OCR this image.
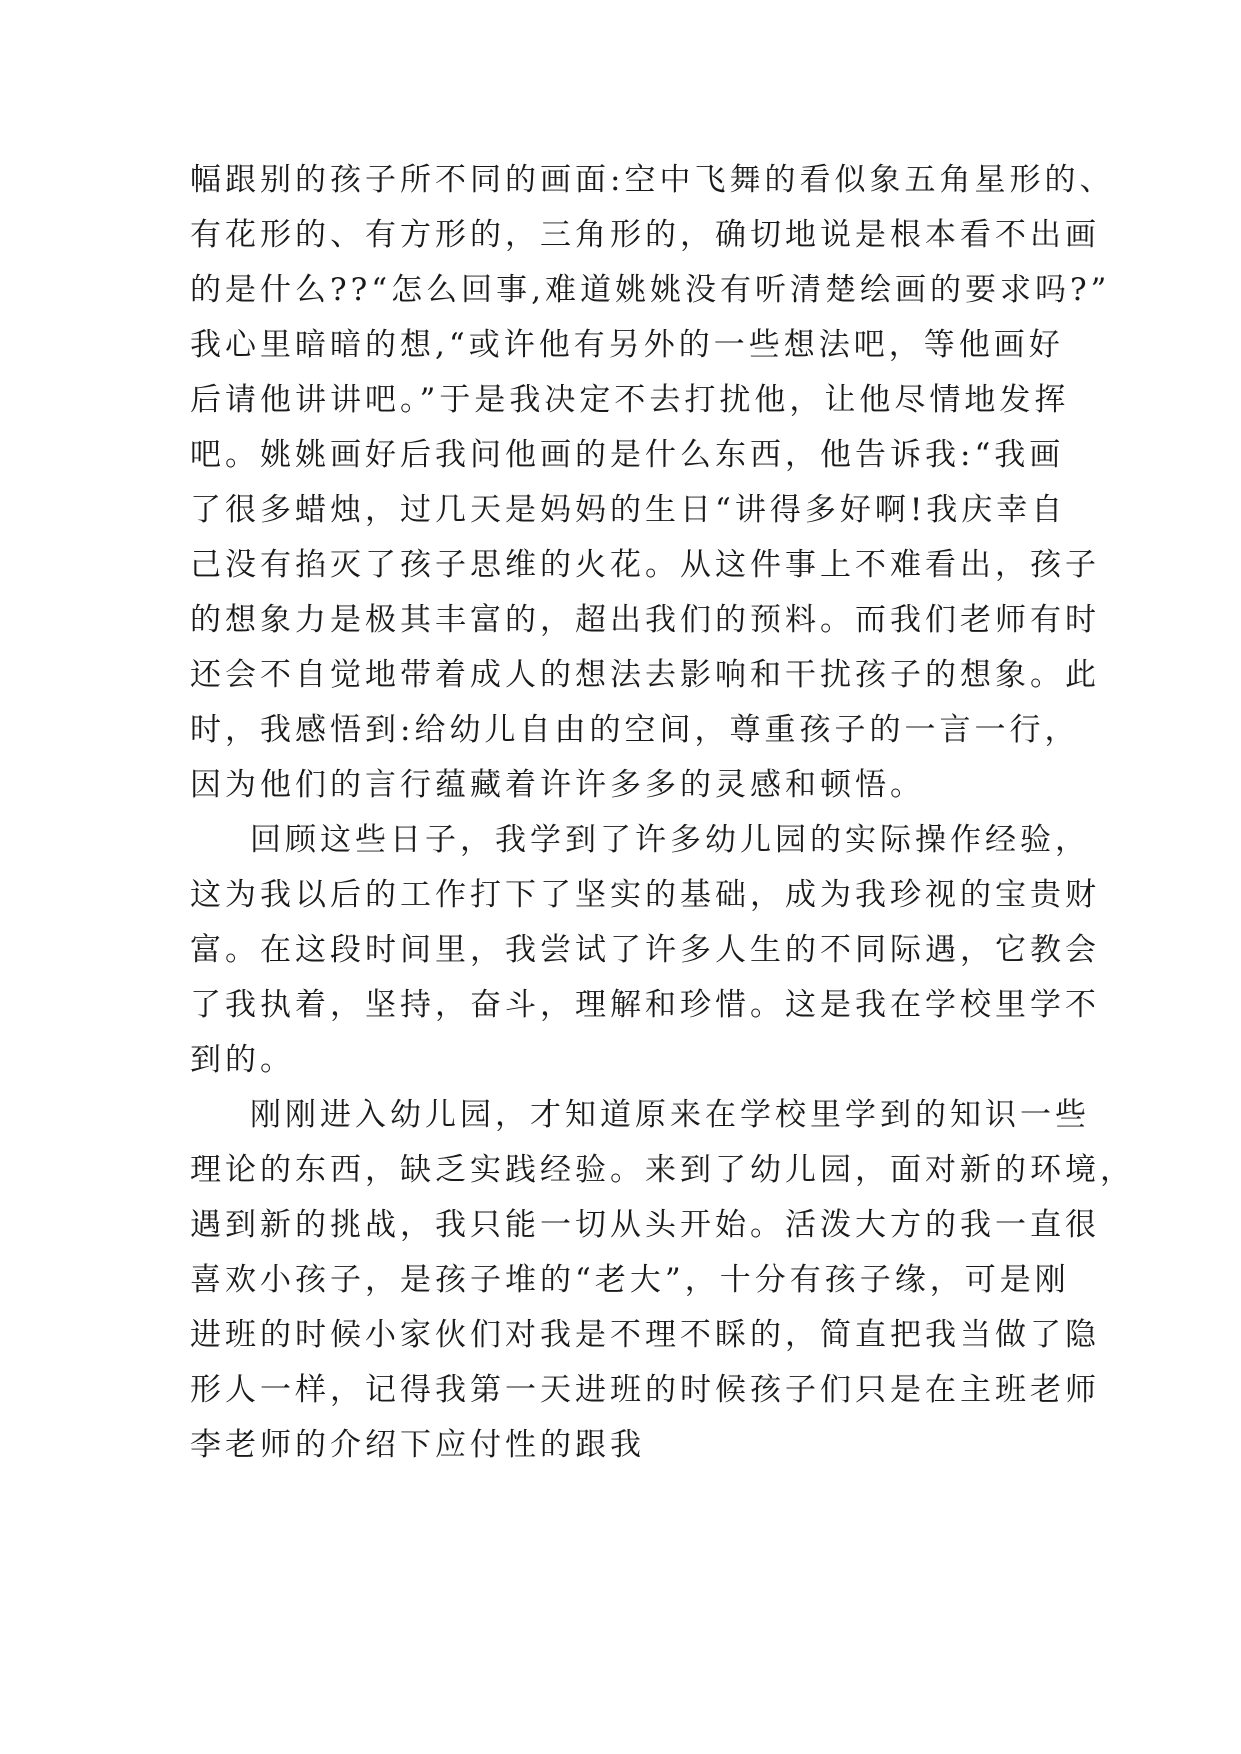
幅跟别的孩子所不同的画面:空中飞舞的看似象五角星形的、
有花形的、有方形的，三角形的，确切地说是根本看不出画
的是什么??“怎么回事,难道姚姚没有听清楚绘画的要求吗?”
我心里暗暗的想,“或许他有另外的一些想法吧，等他画好
后请他讲讲吧。”于是我决定不去打扰他，让他尽情地发挥
吧。姚姚画好后我问他画的是什么东西，他告诉我:“我画
了很多蜡烛，过几天是妈妈的生日“讲得多好啊!我庆幸自
己没有掐灭了孩子思维的火花。从这件事上不难看出，孩子
的想象力是极其丰富的，超出我们的预料。而我们老师有时
还会不自觉地带着成人的想法去影响和干扰孩子的想象。此
时，我感悟到:给幼儿自由的空间，尊重孩子的一言一行，
因为他们的言行蕴藏着许许多多的灵感和顿悟。
回顾这些日子，我学到了许多幼儿园的实际操作经验，
这为我以后的工作打下了坚实的基础，成为我珍视的宝贵财
富。在这段时间里，我尝试了许多人生的不同际遇，它教会
了我执着，坚持，奋斗，理解和珍惜。这是我在学校里学不
到的。
刚刚进入幼儿园，才知道原来在学校里学到的知识一些
理论的东西，缺乏实践经验。来到了幼儿园，面对新的环境，
遇到新的挑战，我只能一切从头开始。活泼大方的我一直很
喜欢小孩子，是孩子堆的“老大”，十分有孩子缘，可是刚
进班的时候小家伙们对我是不理不睬的，简直把我当做了隐
形人一样，记得我第一天进班的时候孩子们只是在主班老师
李老师的介绍下应付性的跟我
